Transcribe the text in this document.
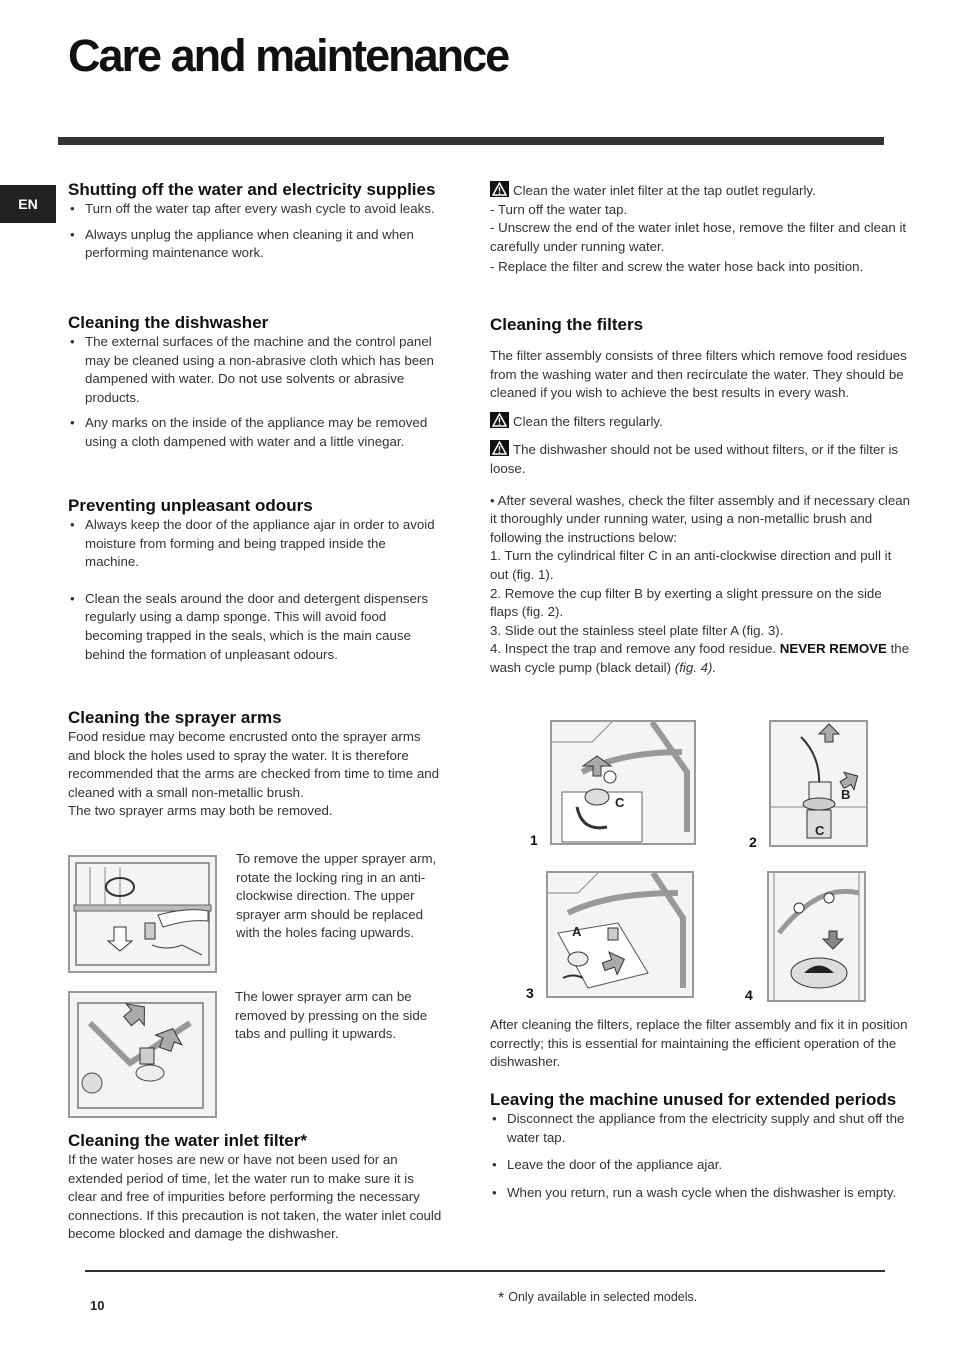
Care and maintenance
EN
Shutting off the water and electricity supplies
• Turn off the water tap after every wash cycle to avoid leaks.
• Always unplug the appliance when cleaning it and when performing maintenance work.
Cleaning the dishwasher
• The external surfaces of the machine and the control panel may be cleaned using a non-abrasive cloth which has been dampened with water. Do not use solvents or abrasive products.
• Any marks on the inside of the appliance may be removed using a cloth dampened with water and a little vinegar.
Preventing unpleasant odours
• Always keep the door of the appliance ajar in order to avoid moisture from forming and being trapped inside the machine.
• Clean the seals around the door and detergent dispensers regularly using a damp sponge. This will avoid food becoming trapped in the seals, which is the main cause behind the formation of unpleasant odours.
Cleaning the sprayer arms

Food residue may become encrusted onto the sprayer arms and block the holes used to spray the water. It is therefore recommended that the arms are checked from time to time and cleaned with a small non-metallic brush.

The two sprayer arms may both be removed.

To remove the upper sprayer arm, rotate the locking ring in an anti-clockwise direction. The upper sprayer arm should be replaced with the holes facing upwards.
The lower sprayer arm can be removed by pressing on the side tabs and pulling it upwards.
Cleaning the water inlet filter*

If the water hoses are new or have not been used for an extended period of time, let the water run to make sure it is clear and free of impurities before performing the necessary connections. If this precaution is not taken, the water inlet could become blocked and damage the dishwasher.

Clean the water inlet filter at the tap outlet regularly.
- Turn off the water tap.
- Unscrew the end of the water inlet hose, remove the filter and clean it carefully under running water.
- Replace the filter and screw the water hose back into position.
Cleaning the filters

The filter assembly consists of three filters which remove food residues from the washing water and then recirculate the water. They should be cleaned if you wish to achieve the best results in every wash.

Clean the filters regularly.
The dishwasher should not be used without filters, or if the filter is loose.

• After several washes, check the filter assembly and if necessary clean it thoroughly under running water, using a non-metallic brush and following the instructions below:

1. Turn the cylindrical filter C in an anti-clockwise direction and pull it out (fig. 1).
2. Remove the cup filter B by exerting a slight pressure on the side flaps (fig. 2).
3. Slide out the stainless steel plate filter A (fig. 3).
4. Inspect the trap and remove any food residue. NEVER REMOVE the wash cycle pump (black detail) (fig. 4).
C
1
B
C
2
A
3	4
After cleaning the filters, replace the filter assembly and fix it in position correctly; this is essential for maintaining the efficient operation of the dishwasher.
Leaving the machine unused for extended periods
• Disconnect the appliance from the electricity supply and shut off the water tap.
• Leave the door of the appliance ajar.
• When you return, run a wash cycle when the dishwasher is empty.
10	* Only available in selected models.
